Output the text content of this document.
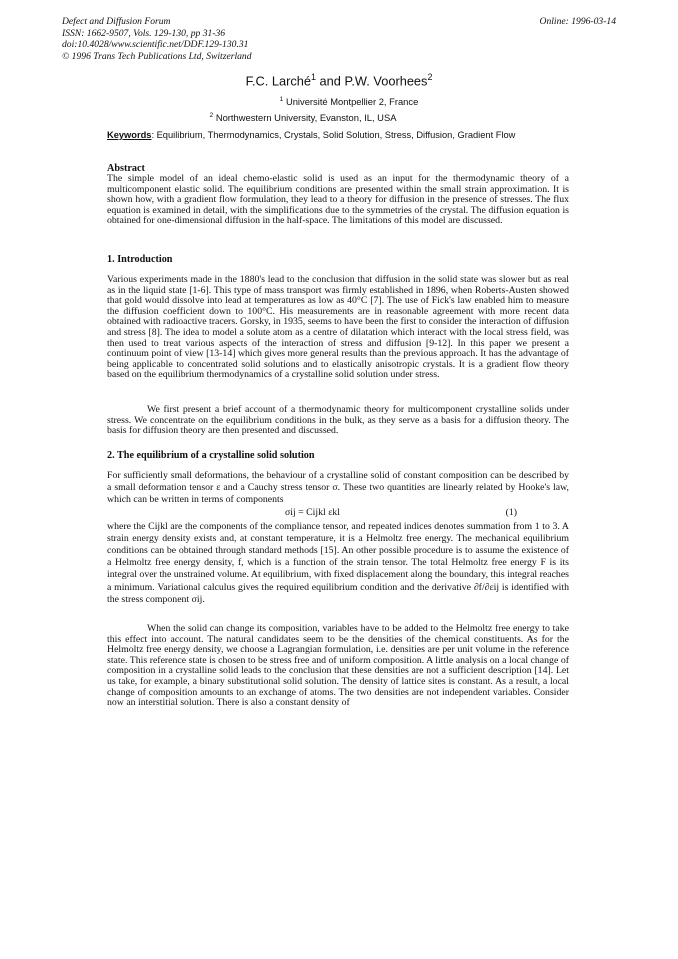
Defect and Diffusion Forum
ISSN: 1662-9507, Vols. 129-130, pp 31-36
doi:10.4028/www.scientific.net/DDF.129-130.31
© 1996 Trans Tech Publications Ltd, Switzerland
Online: 1996-03-14
F.C. Larché$^1$ and P.W. Voorhees$^2$
$^1$ Université Montpellier 2, France
$^2$ Northwestern University, Evanston, IL, USA
Keywords: Equilibrium, Thermodynamics, Crystals, Solid Solution, Stress, Diffusion, Gradient Flow
Abstract

The simple model of an ideal chemo-elastic solid is used as an input for the thermodynamic theory of a multicomponent elastic solid. The equilibrium conditions are presented within the small strain approximation. It is shown how, with a gradient flow formulation, they lead to a theory for diffusion in the presence of stresses. The flux equation is examined in detail, with the simplifications due to the symmetries of the crystal. The diffusion equation is obtained for one-dimensional diffusion in the half-space. The limitations of this model are discussed.

1. Introduction

Various experiments made in the 1880's lead to the conclusion that diffusion in the solid state was slower but as real as in the liquid state [1-6]. This type of mass transport was firmly established in 1896, when Roberts-Austen showed that gold would dissolve into lead at temperatures as low as 40°C [7]. The use of Fick's law enabled him to measure the diffusion coefficient down to 100°C. His measurements are in reasonable agreement with more recent data obtained with radioactive tracers. Gorsky, in 1935, seems to have been the first to consider the interaction of diffusion and stress [8]. The idea to model a solute atom as a centre of dilatation which interact with the local stress field, was then used to treat various aspects of the interaction of stress and diffusion [9-12]. In this paper we present a continuum point of view [13-14] which gives more general results than the previous approach. It has the advantage of being applicable to concentrated solid solutions and to elastically anisotropic crystals. It is a gradient flow theory based on the equilibrium thermodynamics of a crystalline solid solution under stress.

We first present a brief account of a thermodynamic theory for multicomponent crystalline solids under stress. We concentrate on the equilibrium conditions in the bulk, as they serve as a basis for a diffusion theory. The basis for diffusion theory are then presented and discussed.

2. The equilibrium of a crystalline solid solution

For sufficiently small deformations, the behaviour of a crystalline solid of constant composition can be described by a small deformation tensor ε and a Cauchy stress tensor σ. These two quantities are linearly related by Hooke's law, which can be written in terms of components

σij = Cijkl εkl	(1)

where the Cijkl are the components of the compliance tensor, and repeated indices denotes summation from 1 to 3. A strain energy density exists and, at constant temperature, it is a Helmoltz free energy. The mechanical equilibrium conditions can be obtained through standard methods [15]. An other possible procedure is to assume the existence of a Helmoltz free energy density, f, which is a function of the strain tensor. The total Helmoltz free energy F is its integral over the unstrained volume. At equilibrium, with fixed displacement along the boundary, this integral reaches a minimum. Variational calculus gives the required equilibrium condition and the derivative ∂f/∂εij is identified with the stress component σij.

When the solid can change its composition, variables have to be added to the Helmoltz free energy to take this effect into account. The natural candidates seem to be the densities of the chemical constituents. As for the Helmoltz free energy density, we choose a Lagrangian formulation, i.e. densities are per unit volume in the reference state. This reference state is chosen to be stress free and of uniform composition. A little analysis on a local change of composition in a crystalline solid leads to the conclusion that these densities are not a sufficient description [14]. Let us take, for example, a binary substitutional solid solution. The density of lattice sites is constant. As a result, a local change of composition amounts to an exchange of atoms. The two densities are not independent variables. Consider now an interstitial solution. There is also a constant density of
